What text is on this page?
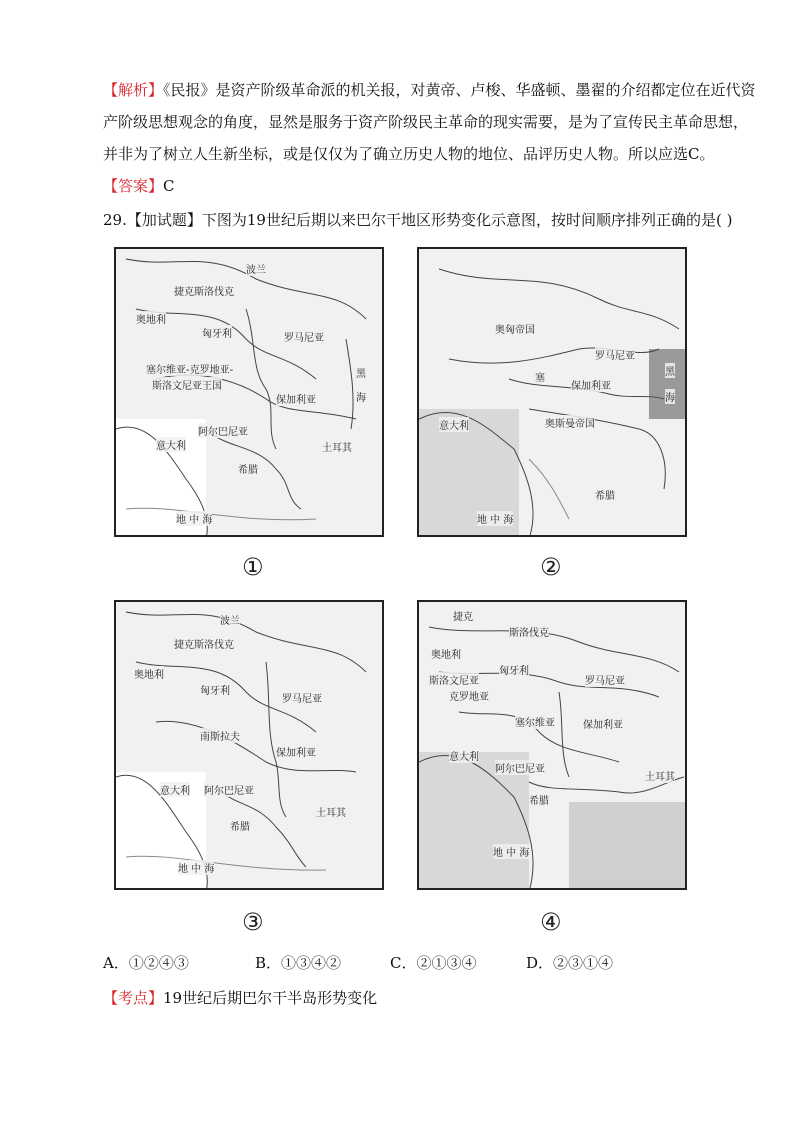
【解析】《民报》是资产阶级革命派的机关报，对黄帝、卢梭、华盛顿、墨翟的介绍都定位在近代资
产阶级思想观念的角度，显然是服务于资产阶级民主革命的现实需要，是为了宣传民主革命思想，
并非为了树立人生新坐标，或是仅仅为了确立历史人物的地位、品评历史人物。所以应选C。
【答案】C
29.【加试题】下图为19世纪后期以来巴尔干地区形势变化示意图，按时间顺序排列正确的是( )
波兰
捷克斯洛伐克
奥地利
匈牙利	罗马尼亚
塞尔维亚-克罗地亚-
斯洛文尼亚王国
保加利亚
意大利
阿尔巴尼亚
土耳其
希腊
地 中 海
黑
海
①
奥匈帝国
罗马尼亚
塞
保加利亚
意大利	奥斯曼帝国
希腊
地 中 海
黑
海
②
波兰
捷克斯洛伐克
奥地利
匈牙利
罗马尼亚
南斯拉夫
保加利亚
意大利 阿尔巴尼亚
希腊
土耳其
地 中 海
③
捷克
斯洛伐克
奥地利
匈牙利
罗马尼亚
斯洛文尼亚
克罗地亚
塞尔维亚	保加利亚
意大利
阿尔巴尼亚
希腊
土耳其
地 中 海
④
A．①②④③	B．①③④②	C．②①③④	D．②③①④
【考点】19世纪后期巴尔干半岛形势变化
